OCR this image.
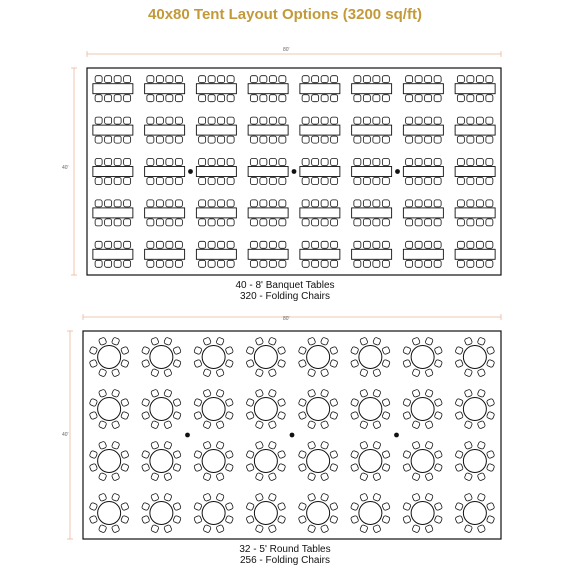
40x80 Tent Layout Options (3200 sq/ft)
80'
40'
40 - 8' Banquet Tables
320 - Folding Chairs
80'
40'
32 - 5' Round Tables
256 - Folding Chairs
